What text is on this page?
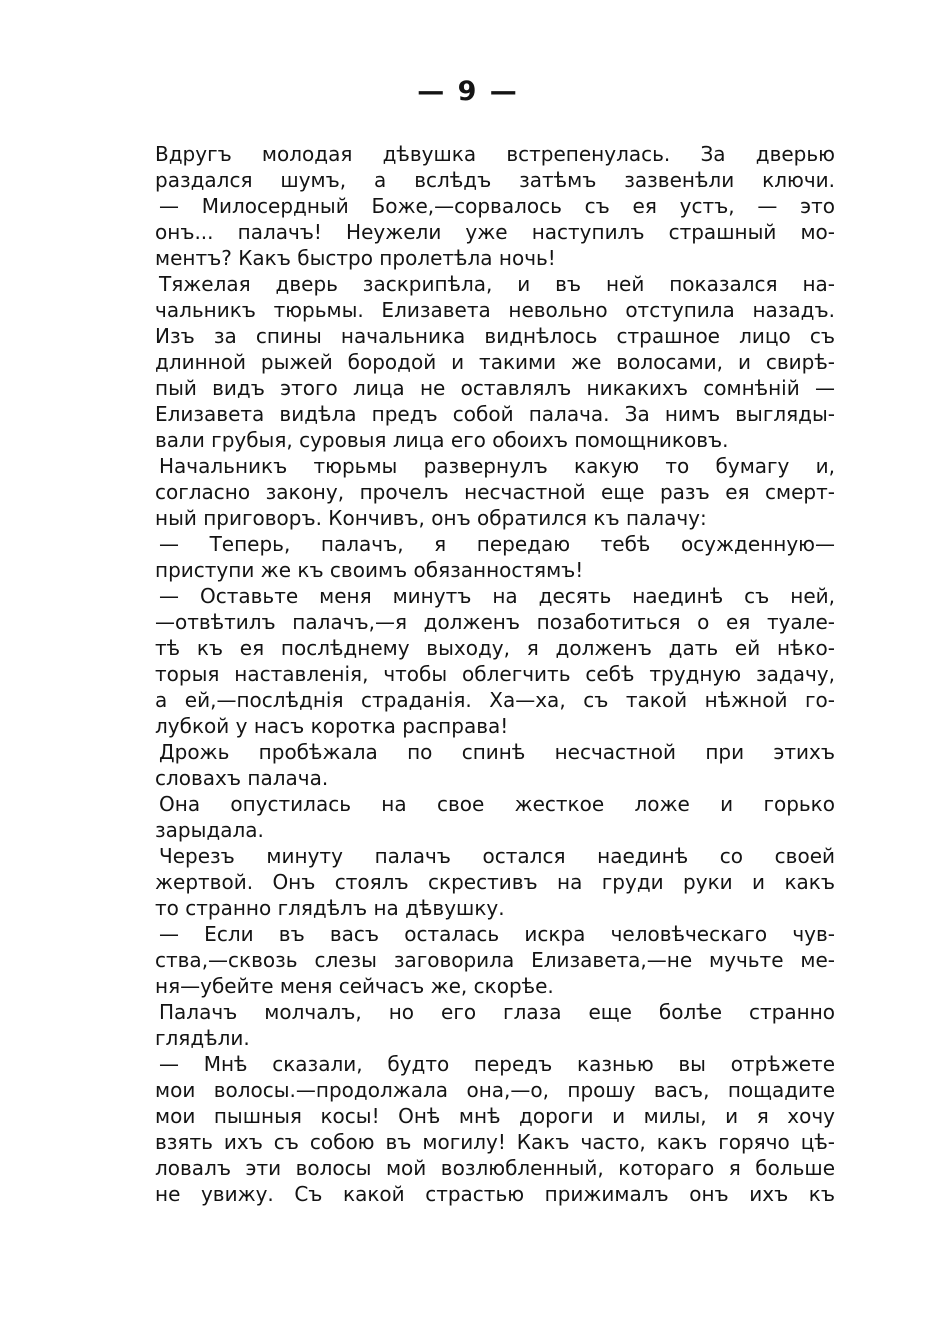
— 9 —
Вдругъ молодая дѣвушка встрепенулась. За дверью
раздался шумъ, а вслѣдъ затѣмъ зазвенѣли ключи.
— Милосердный Боже,—сорвалось съ ея устъ, — это
онъ... палачъ! Неужели уже наступилъ страшный мо-
ментъ? Какъ быстро пролетѣла ночь!
Тяжелая дверь заскрипѣла, и въ ней показался на-
чальникъ тюрьмы. Елизавета невольно отступила назадъ.
Изъ за спины начальника виднѣлось страшное лицо съ
длинной рыжей бородой и такими же волосами, и свирѣ-
пый видъ этого лица не оставлялъ никакихъ сомнѣній —
Елизавета видѣла предъ собой палача. За нимъ выгляды-
вали грубыя, суровыя лица его обоихъ помощниковъ.
Начальникъ тюрьмы развернулъ какую то бумагу и,
согласно закону, прочелъ несчастной еще разъ ея смерт-
ный приговоръ. Кончивъ, онъ обратился къ палачу:
— Теперь, палачъ, я передаю тебѣ осужденную—
приступи же къ своимъ обязанностямъ!
— Оставьте меня минутъ на десять наединѣ съ ней,
—отвѣтилъ палачъ,—я долженъ позаботиться о ея туале-
тѣ къ ея послѣднему выходу, я долженъ дать ей нѣко-
торыя наставленія, чтобы облегчить себѣ трудную задачу,
а ей,—послѣднія страданія. Ха—ха, съ такой нѣжной го-
лубкой у насъ коротка расправа!
Дрожь пробѣжала по спинѣ несчастной при этихъ
словахъ палача.
Она опустилась на свое жесткое ложе и горько
зарыдала.
Черезъ минуту палачъ остался наединѣ со своей
жертвой. Онъ стоялъ скрестивъ на груди руки и какъ
то странно глядѣлъ на дѣвушку.
— Если въ васъ осталась искра человѣческаго чув-
ства,—сквозь слезы заговорила Елизавета,—не мучьте ме-
ня—убейте меня сейчасъ же, скорѣе.
Палачъ молчалъ, но его глаза еще болѣе странно
глядѣли.
— Мнѣ сказали, будто передъ казнью вы отрѣжете
мои волосы.—продолжала она,—о, прошу васъ, пощадите
мои пышныя косы! Онѣ мнѣ дороги и милы, и я хочу
взять ихъ съ собою въ могилу! Какъ часто, какъ горячо цѣ-
ловалъ эти волосы мой возлюбленный, котораго я больше
не увижу. Съ какой страстью прижималъ онъ ихъ къ
